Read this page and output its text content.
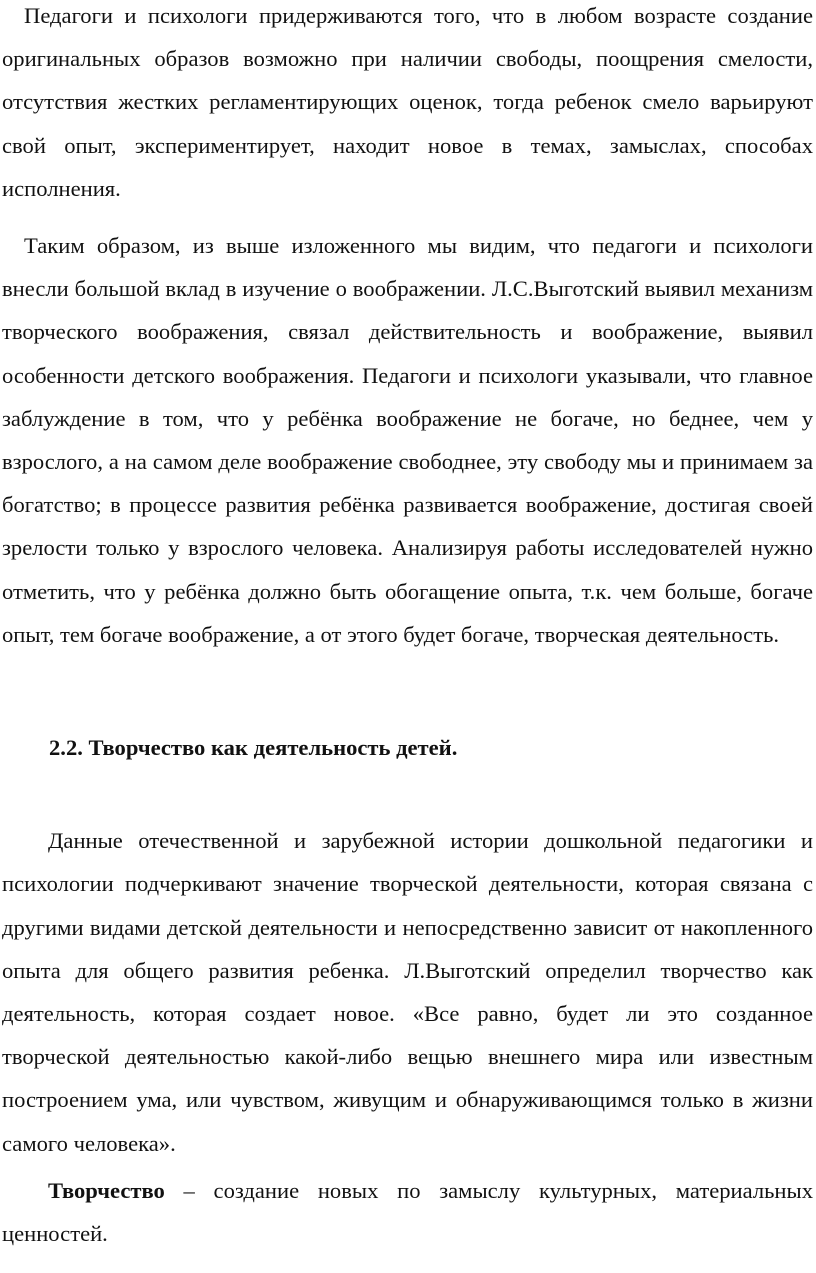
Педагоги и психологи придерживаются того, что в любом возрасте создание оригинальных образов возможно при наличии свободы, поощрения смелости, отсутствия жестких регламентирующих оценок, тогда ребенок смело варьируют свой опыт, экспериментирует, находит новое в темах, замыслах, способах исполнения.

Таким образом, из выше изложенного мы видим, что педагоги и психологи внесли большой вклад в изучение о воображении. Л.С.Выготский выявил механизм творческого воображения, связал действительность и воображение, выявил особенности детского воображения. Педагоги и психологи указывали, что главное заблуждение в том, что у ребёнка воображение не богаче, но беднее, чем у взрослого, а на самом деле воображение свободнее, эту свободу мы и принимаем за богатство; в процессе развития ребёнка развивается воображение, достигая своей зрелости только у взрослого человека. Анализируя работы исследователей нужно отметить, что у ребёнка должно быть обогащение опыта, т.к. чем больше, богаче опыт, тем богаче воображение, а от этого будет богаче, творческая деятельность.

2.2. Творчество как деятельность детей.

Данные отечественной и зарубежной истории дошкольной педагогики и психологии подчеркивают значение творческой деятельности, которая связана с другими видами детской деятельности и непосредственно зависит от накопленного опыта для общего развития ребенка. Л.Выготский определил творчество как деятельность, которая создает новое. «Все равно, будет ли это созданное творческой деятельностью какой-либо вещью внешнего мира или известным построением ума, или чувством, живущим и обнаруживающимся только в жизни самого человека».

Творчество – создание новых по замыслу культурных, материальных ценностей.
